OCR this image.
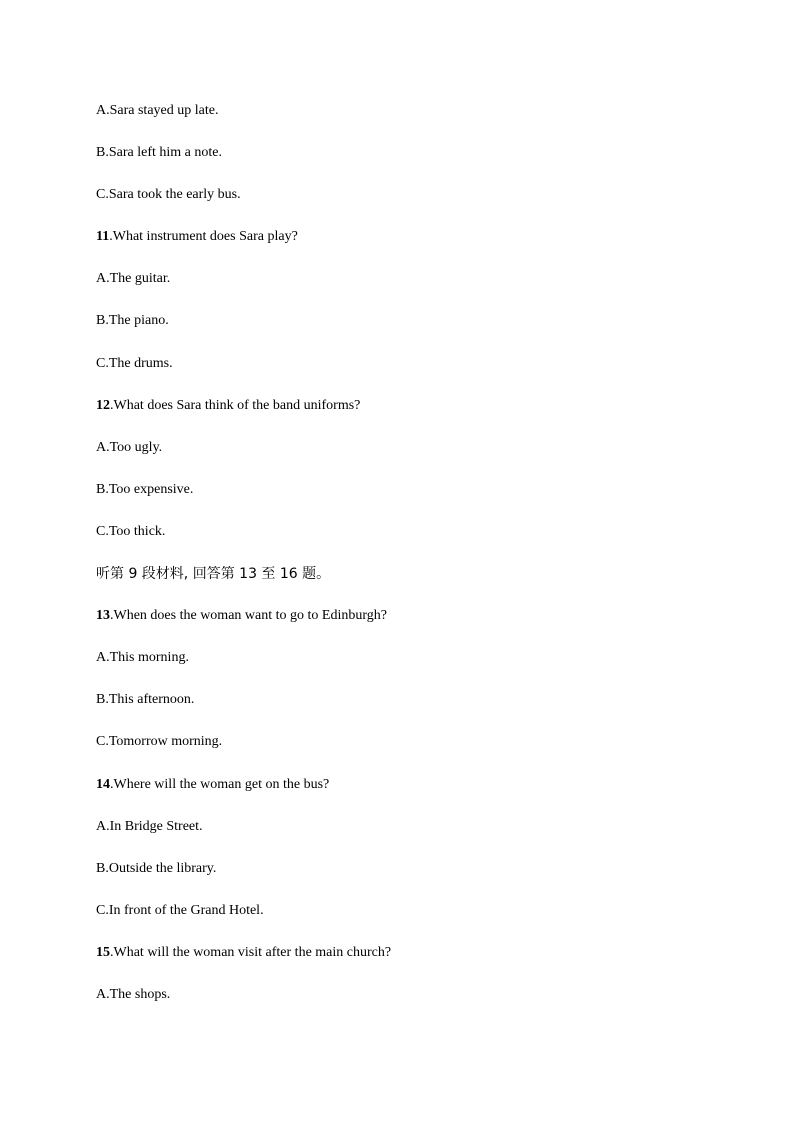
A.Sara stayed up late.
B.Sara left him a note.
C.Sara took the early bus.
11.What instrument does Sara play?
A.The guitar.
B.The piano.
C.The drums.
12.What does Sara think of the band uniforms?
A.Too ugly.
B.Too expensive.
C.Too thick.
听第 9 段材料, 回答第 13 至 16 题。
13.When does the woman want to go to Edinburgh?
A.This morning.
B.This afternoon.
C.Tomorrow morning.
14.Where will the woman get on the bus?
A.In Bridge Street.
B.Outside the library.
C.In front of the Grand Hotel.
15.What will the woman visit after the main church?
A.The shops.
